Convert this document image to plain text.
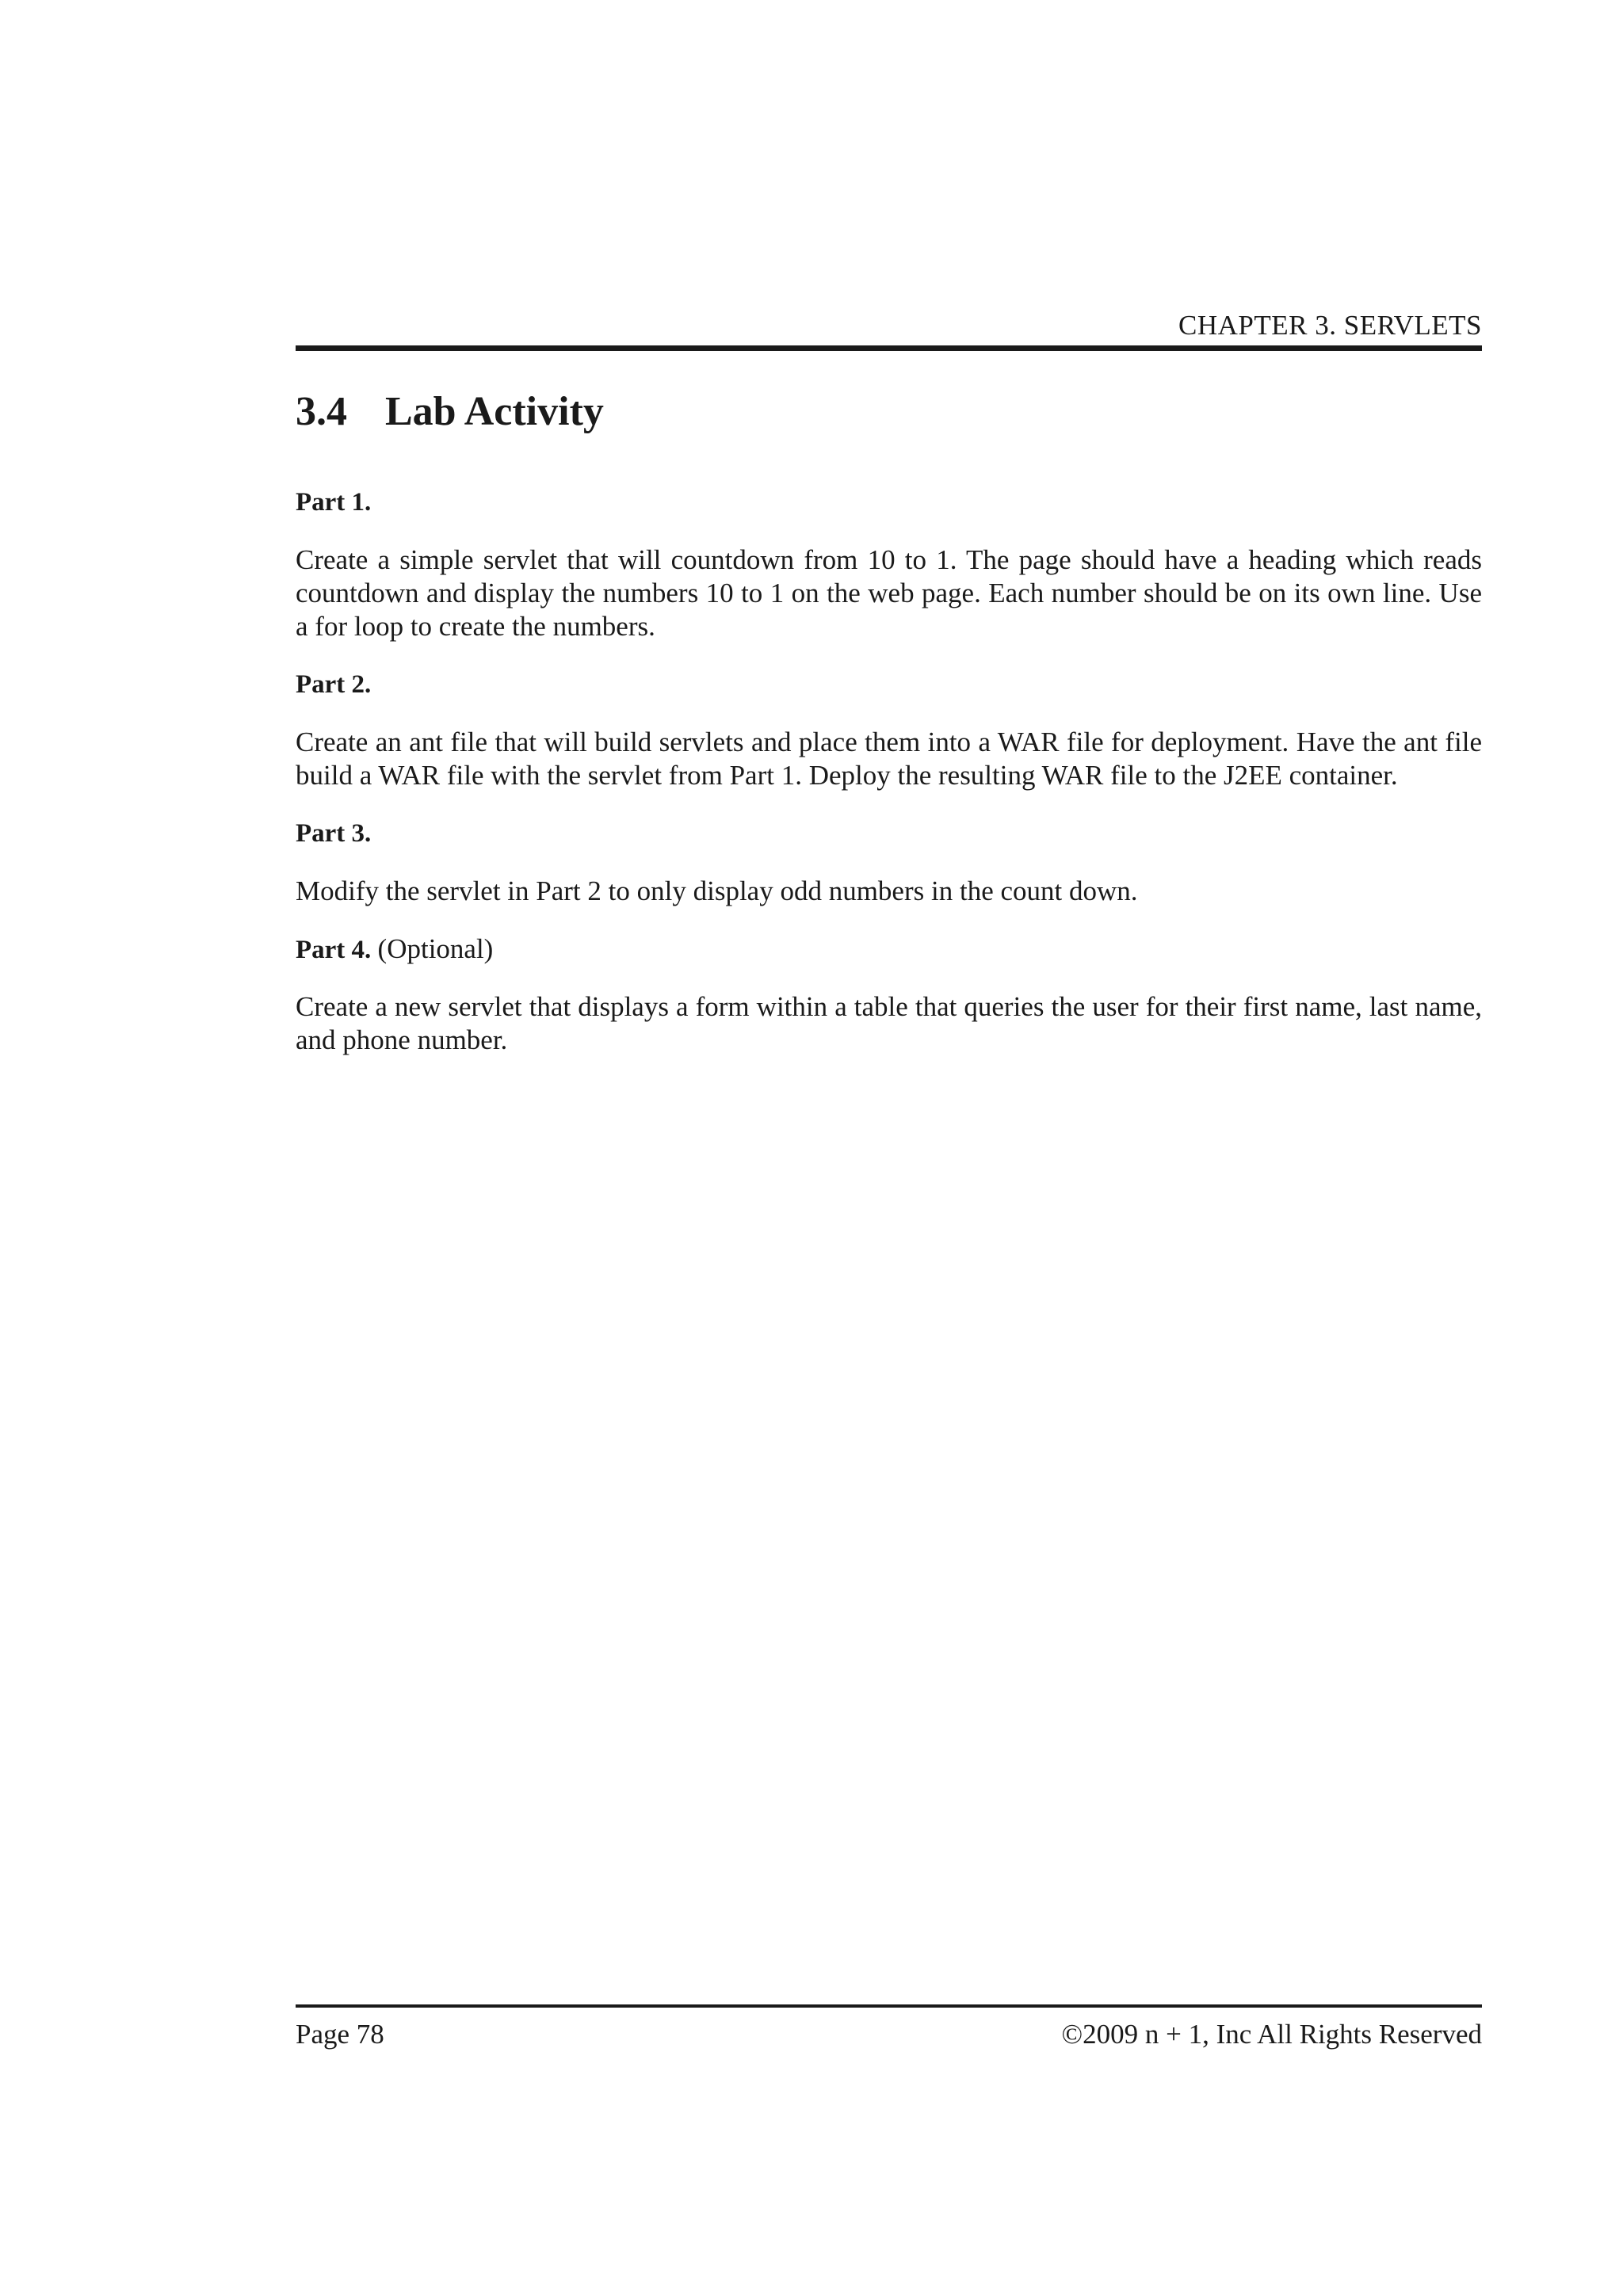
CHAPTER 3. SERVLETS
3.4 Lab Activity
Part 1.

Create a simple servlet that will countdown from 10 to 1. The page should have a heading which reads countdown and display the numbers 10 to 1 on the web page. Each number should be on its own line. Use a for loop to create the numbers.

Part 2.

Create an ant file that will build servlets and place them into a WAR file for deployment. Have the ant file build a WAR file with the servlet from Part 1. Deploy the resulting WAR file to the J2EE container.

Part 3.

Modify the servlet in Part 2 to only display odd numbers in the count down.

Part 4. (Optional)

Create a new servlet that displays a form within a table that queries the user for their first name, last name, and phone number.

Page 78	©2009 n + 1, Inc All Rights Reserved
